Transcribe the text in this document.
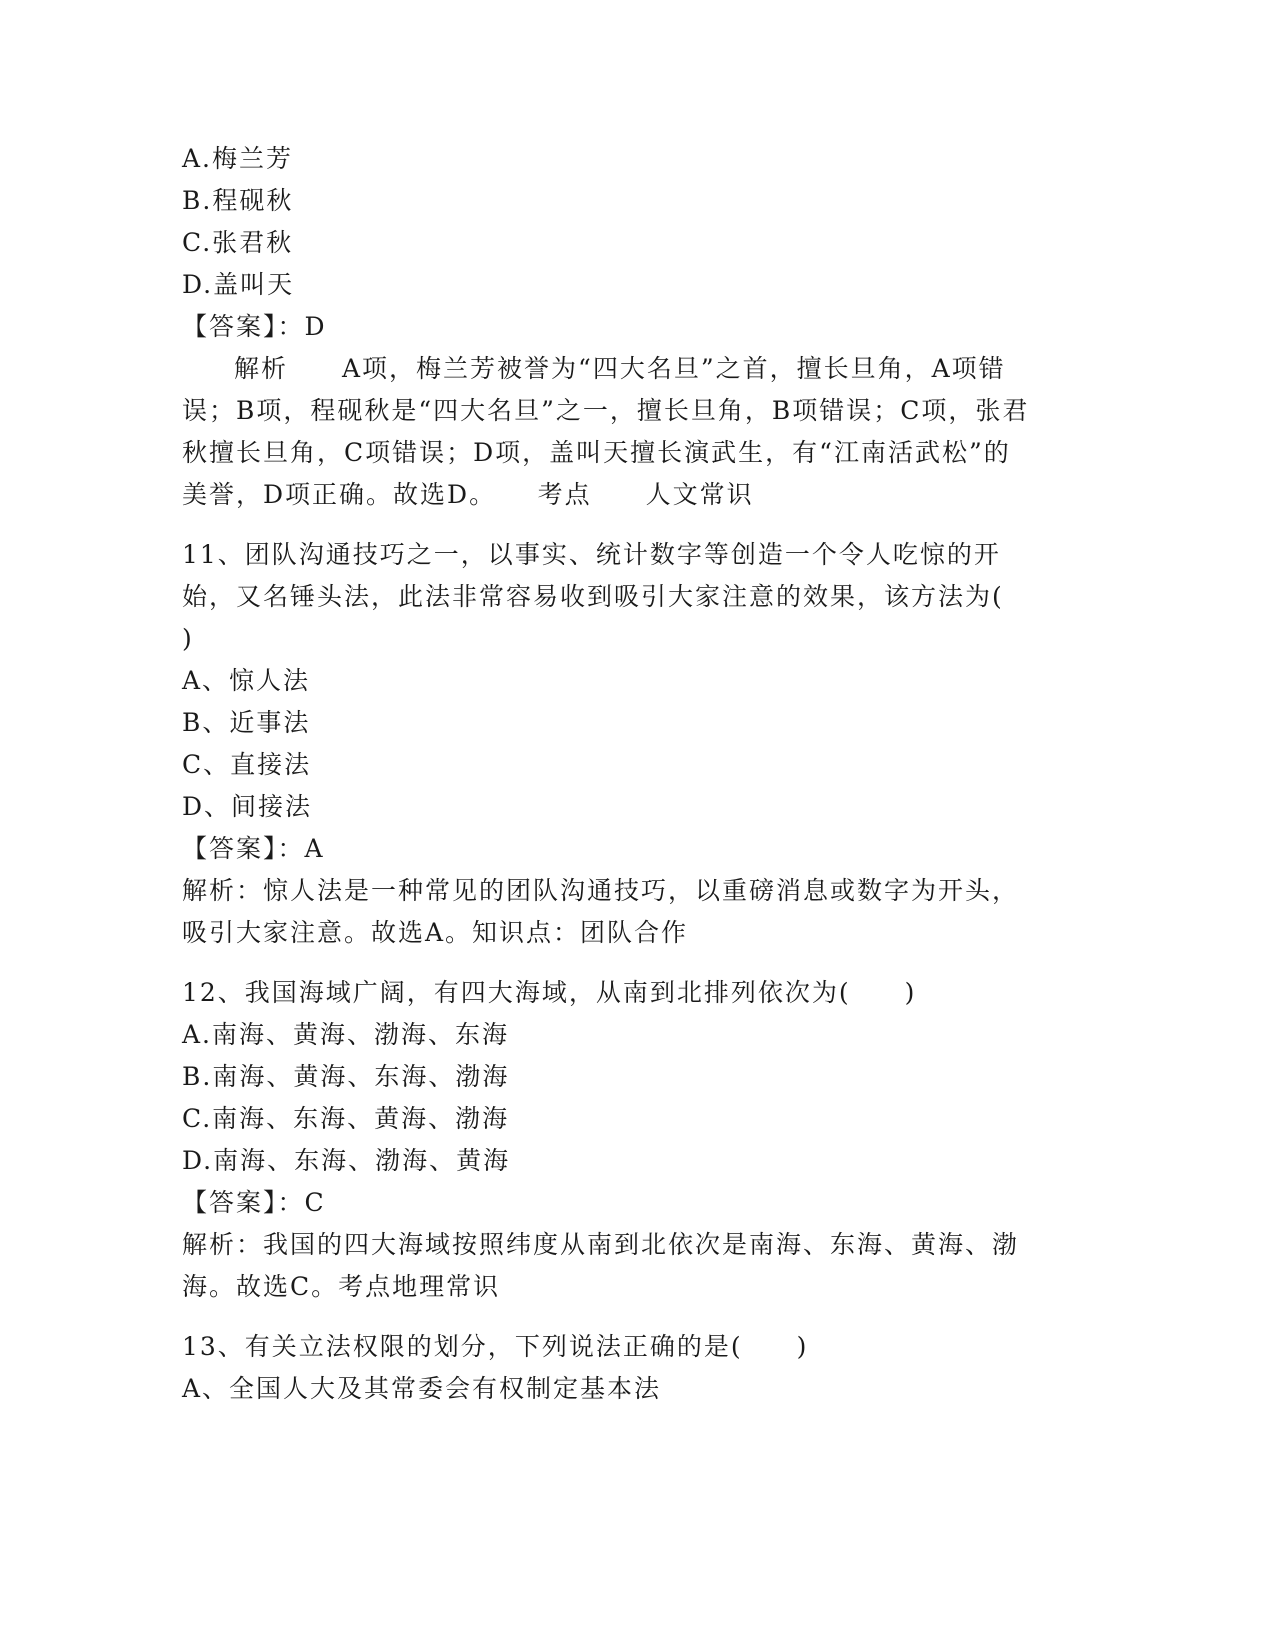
A.梅兰芳
B.程砚秋
C.张君秋
D.盖叫天
【答案】：D
解析　　A项，梅兰芳被誉为“四大名旦”之首，擅长旦角，A项错误；B项，程砚秋是“四大名旦”之一，擅长旦角，B项错误；C项，张君秋擅长旦角，C项错误；D项，盖叫天擅长演武生，有“江南活武松”的美誉，D项正确。故选D。　　考点　　人文常识
11、团队沟通技巧之一，以事实、统计数字等创造一个令人吃惊的开始，又名锤头法，此法非常容易收到吸引大家注意的效果，该方法为(　　)
A、惊人法
B、近事法
C、直接法
D、间接法
【答案】：A
解析：惊人法是一种常见的团队沟通技巧，以重磅消息或数字为开头，吸引大家注意。故选A。知识点：团队合作
12、我国海域广阔，有四大海域，从南到北排列依次为(　　)
A.南海、黄海、渤海、东海
B.南海、黄海、东海、渤海
C.南海、东海、黄海、渤海
D.南海、东海、渤海、黄海
【答案】：C
解析：我国的四大海域按照纬度从南到北依次是南海、东海、黄海、渤海。故选C。考点地理常识
13、有关立法权限的划分，下列说法正确的是(　　)
A、全国人大及其常委会有权制定基本法
